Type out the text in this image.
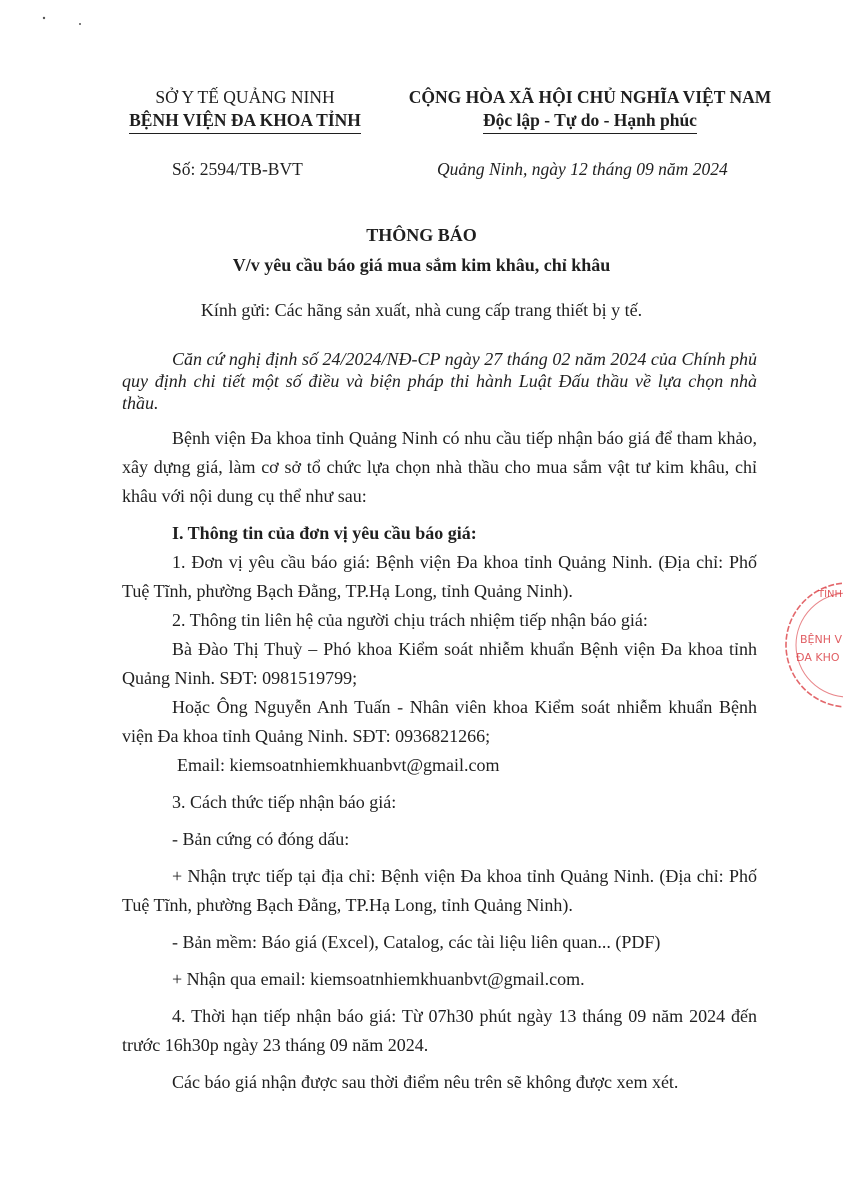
SỞ Y TẾ QUẢNG NINH
BỆNH VIỆN ĐA KHOA TỈNH
CỘNG HÒA XÃ HỘI CHỦ NGHĨA VIỆT NAM
Độc lập - Tự do - Hạnh phúc
Số: 2594/TB-BVT	Quảng Ninh, ngày 12 tháng 09 năm 2024
THÔNG BÁO
V/v yêu cầu báo giá mua sắm kim khâu, chỉ khâu
Kính gửi: Các hãng sản xuất, nhà cung cấp trang thiết bị y tế.

Căn cứ nghị định số 24/2024/NĐ-CP ngày 27 tháng 02 năm 2024 của Chính phủ quy định chi tiết một số điều và biện pháp thi hành Luật Đấu thầu về lựa chọn nhà thầu.

Bệnh viện Đa khoa tỉnh Quảng Ninh có nhu cầu tiếp nhận báo giá để tham khảo, xây dựng giá, làm cơ sở tổ chức lựa chọn nhà thầu cho mua sắm vật tư kim khâu, chỉ khâu với nội dung cụ thể như sau:

I. Thông tin của đơn vị yêu cầu báo giá:

1. Đơn vị yêu cầu báo giá: Bệnh viện Đa khoa tỉnh Quảng Ninh. (Địa chỉ: Phố Tuệ Tĩnh, phường Bạch Đằng, TP.Hạ Long, tỉnh Quảng Ninh).

2. Thông tin liên hệ của người chịu trách nhiệm tiếp nhận báo giá:

Bà Đào Thị Thuỳ – Phó khoa Kiểm soát nhiễm khuẩn Bệnh viện Đa khoa tỉnh Quảng Ninh. SĐT: 0981519799;

Hoặc Ông Nguyễn Anh Tuấn - Nhân viên khoa Kiểm soát nhiễm khuẩn Bệnh viện Đa khoa tỉnh Quảng Ninh. SĐT: 0936821266;

Email: kiemsoatnhiemkhuanbvt@gmail.com

3. Cách thức tiếp nhận báo giá:

- Bản cứng có đóng dấu:

+ Nhận trực tiếp tại địa chỉ: Bệnh viện Đa khoa tỉnh Quảng Ninh. (Địa chỉ: Phố Tuệ Tĩnh, phường Bạch Đằng, TP.Hạ Long, tỉnh Quảng Ninh).

- Bản mềm: Báo giá (Excel), Catalog, các tài liệu liên quan... (PDF)

+ Nhận qua email: kiemsoatnhiemkhuanbvt@gmail.com.

4. Thời hạn tiếp nhận báo giá: Từ 07h30 phút ngày 13 tháng 09 năm 2024 đến trước 16h30p ngày 23 tháng 09 năm 2024.

Các báo giá nhận được sau thời điểm nêu trên sẽ không được xem xét.

TỈNH
BỆNH V
ĐA KHO
